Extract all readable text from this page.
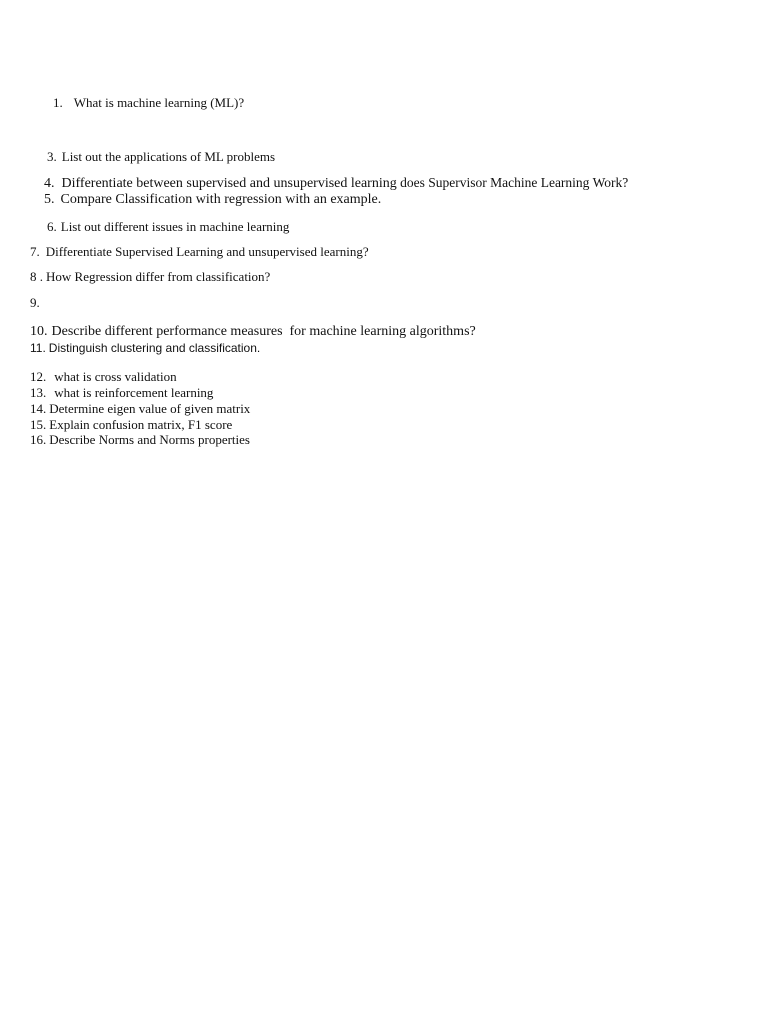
1. What is machine learning (ML)?
3. List out the applications of ML problems
4. Differentiate between supervised and unsupervised learning does Supervisor Machine Learning Work?
5. Compare Classification with regression with an example.
6. List out different issues in machine learning
7. Differentiate Supervised Learning and unsupervised learning?
8 . How Regression differ from classification?
9.
10. Describe different performance measures  for machine learning algorithms?
11. Distinguish clustering and classification.
12. what is cross validation
13. what is reinforcement learning
14. Determine eigen value of given matrix
15. Explain confusion matrix, F1 score
16. Describe Norms and Norms properties
